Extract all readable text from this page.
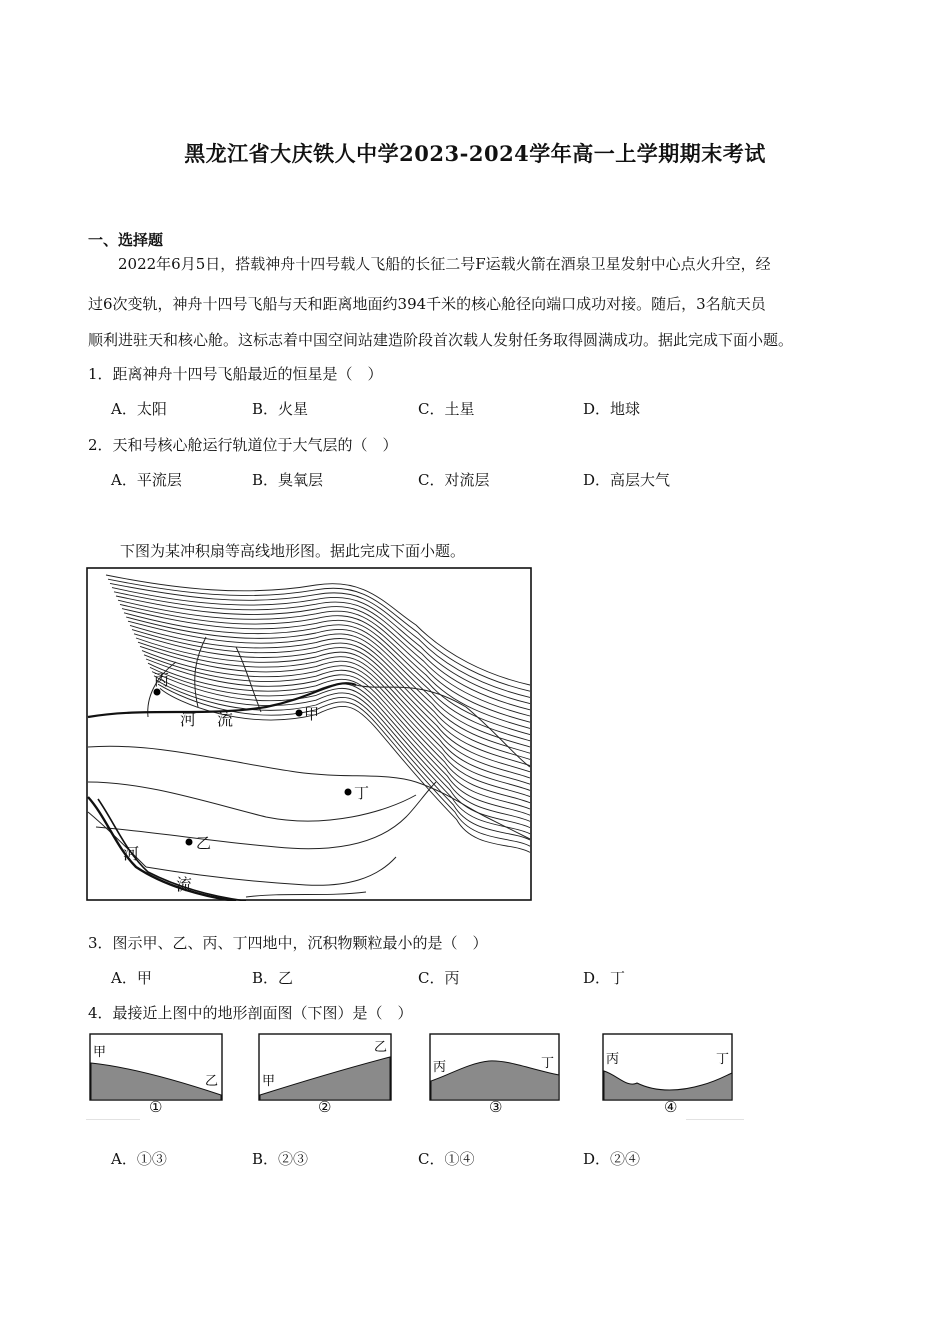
黑龙江省大庆铁人中学2023-2024学年高一上学期期末考试
一、选择题
2022年6月5日，搭载神舟十四号载人飞船的长征二号F运载火箭在酒泉卫星发射中心点火升空，经
过6次变轨，神舟十四号飞船与天和距离地面约394千米的核心舱径向端口成功对接。随后，3名航天员
顺利进驻天和核心舱。这标志着中国空间站建造阶段首次载人发射任务取得圆满成功。据此完成下面小题。
1．距离神舟十四号飞船最近的恒星是（　）
A．太阳	B．火星	C．土星	D．地球
2．天和号核心舱运行轨道位于大气层的（　）
A．平流层	B．臭氧层	C．对流层	D．高层大气
下图为某冲积扇等高线地形图。据此完成下面小题。
丙
甲
丁
乙
河 流
河
流
3．图示甲、乙、丙、丁四地中，沉积物颗粒最小的是（　）
A．甲	B．乙	C．丙	D．丁
4．最接近上图中的地形剖面图（下图）是（　）
甲
乙	甲
乙
丙	丁	丙	丁
①	②	③	④
A．①③	B．②③	C．①④	D．②④
